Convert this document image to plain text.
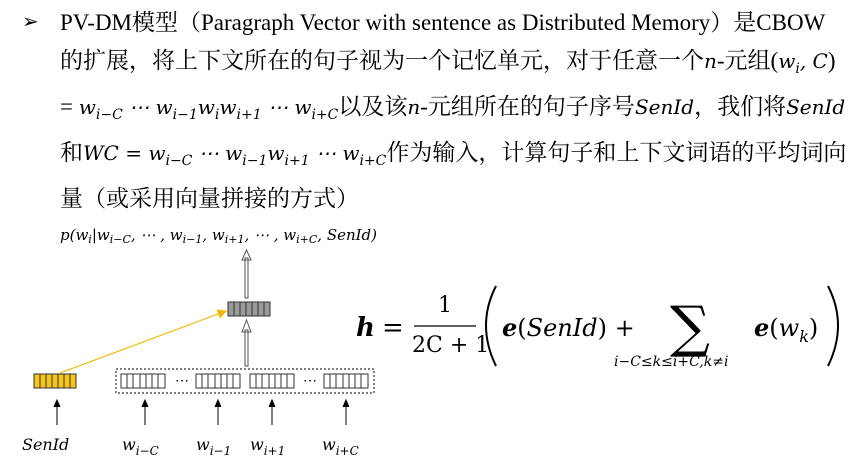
➢ PV-DM模型（Paragraph Vector with sentence as Distributed Memory）是CBOW 的扩展，将上下文所在的句子视为一个记忆单元，对于任意一个n-元组($w_i$, $C) = w_{i-C}$ ⋯ $w_{i-1}w_iw_{i+1}$ ⋯ $w_{i+C}$以及该n-元组所在的句子序号SenId，我们将SenId和WC = $w_{i-C}$ ⋯ $w_{i-1}w_{i+1}$ ⋯ $w_{i+C}$作为输入，计算句子和上下文词语的平均词向量（或采用向量拼接的方式）

$p(w_i|w_{i-C}$, ⋯ , $w_{i-1}$, $w_{i+1}$, ⋯ , $w_{i+C}$, SenId)
⋯	⋯
SenId	$w_{i-C}$ $w_{i-1}$ $w_{i+1}$ $w_{i+C}$
h =
1
2C + 1
e(SenId) + ∑
i−C≤k≤i+C,k≠i
$e(w_k)$
